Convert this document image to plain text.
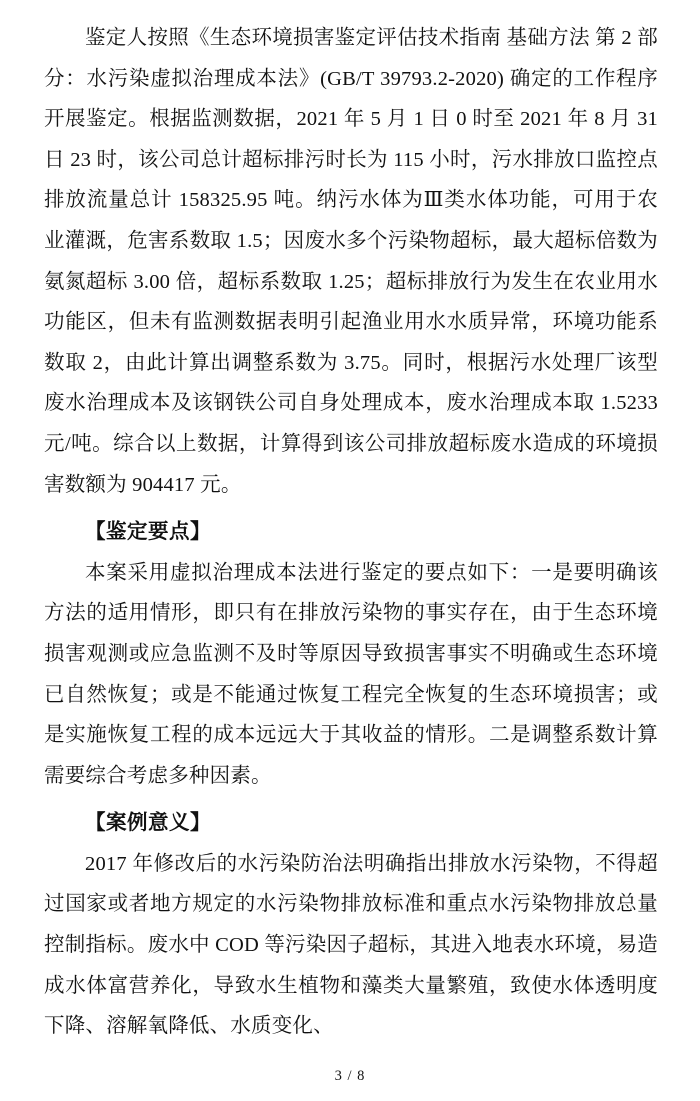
鉴定人按照《生态环境损害鉴定评估技术指南 基础方法 第 2 部分：水污染虚拟治理成本法》(GB/T 39793.2-2020) 确定的工作程序开展鉴定。根据监测数据，2021 年 5 月 1 日 0 时至 2021 年 8 月 31 日 23 时，该公司总计超标排污时长为 115 小时，污水排放口监控点排放流量总计 158325.95 吨。纳污水体为Ⅲ类水体功能，可用于农业灌溉，危害系数取 1.5；因废水多个污染物超标，最大超标倍数为氨氮超标 3.00 倍，超标系数取 1.25；超标排放行为发生在农业用水功能区，但未有监测数据表明引起渔业用水水质异常，环境功能系数取 2，由此计算出调整系数为 3.75。同时，根据污水处理厂该型废水治理成本及该钢铁公司自身处理成本，废水治理成本取 1.5233 元/吨。综合以上数据，计算得到该公司排放超标废水造成的环境损害数额为 904417 元。

【鉴定要点】

本案采用虚拟治理成本法进行鉴定的要点如下：一是要明确该方法的适用情形，即只有在排放污染物的事实存在，由于生态环境损害观测或应急监测不及时等原因导致损害事实不明确或生态环境已自然恢复；或是不能通过恢复工程完全恢复的生态环境损害；或是实施恢复工程的成本远远大于其收益的情形。二是调整系数计算需要综合考虑多种因素。

【案例意义】

2017 年修改后的水污染防治法明确指出排放水污染物，不得超过国家或者地方规定的水污染物排放标准和重点水污染物排放总量控制指标。废水中 COD 等污染因子超标，其进入地表水环境，易造成水体富营养化，导致水生植物和藻类大量繁殖，致使水体透明度下降、溶解氧降低、水质变化、

3 / 8
